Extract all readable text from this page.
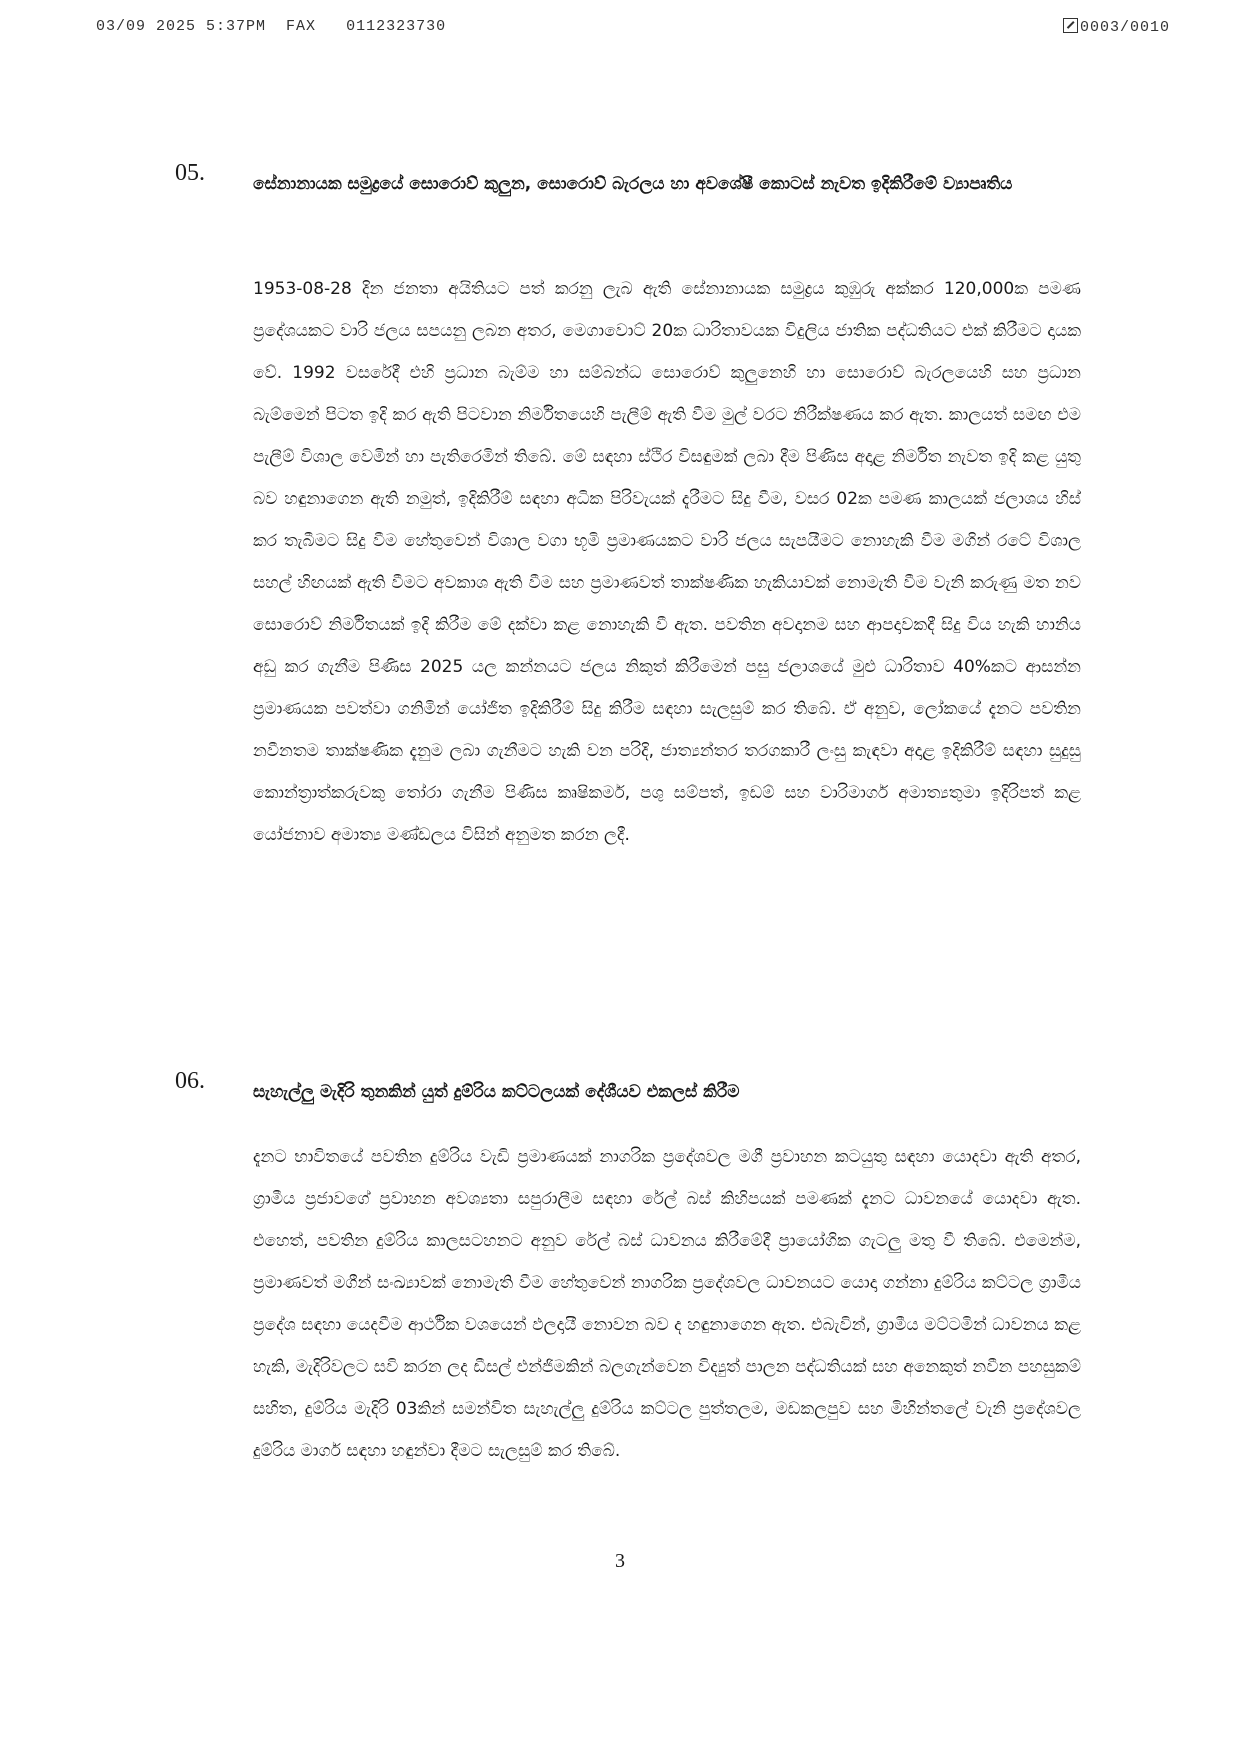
03/09 2025 5:37PM FAX 0112323730	0003/0010
05.	සේනානායක සමුද්‍රයේ සොරොව් කුලුන, සොරොව් බැරලය හා අවශේෂී කොටස් නැවත ඉදිකිරීමේ ව්‍යාපෘතිය
1953-08-28 දින ජනතා අයිතියට පත් කරනු ලැබ ඇති සේනානායක සමුද්‍රය කුඹුරු අක්කර 120,000ක පමණ ප්‍රදේශයකට වාරි ජලය සපයනු ලබන අතර, මෙගාවොට් 20ක ධාරිතාවයක විදුලිය ජාතික පද්ධතියට එක් කිරීමට දායක වේ. 1992 වසරේදී එහි ප්‍රධාන බැම්ම හා සම්බන්ධ සොරොව් කුලුනෙහි හා සොරොව් බැරලයෙහි සහ ප්‍රධාන බැම්මෙන් පිටත ඉදි කර ඇති පිටවාන නිර්මිතයෙහි පැලීම් ඇති වීම මුල් වරට නිරීක්ෂණය කර ඇත. කාලයත් සමඟ එම පැලීම් විශාල වෙමින් හා පැතිරෙමින් තිබේ. මේ සඳහා ස්ථිර විසඳුමක් ලබා දීම පිණිස අදාළ නිර්මිත නැවත ඉදි කළ යුතු බව හඳුනාගෙන ඇති නමුත්, ඉදිකිරීම් සඳහා අධික පිරිවැයක් දැරීමට සිදු වීම, වසර 02ක පමණ කාලයක් ජලාශය හිස් කර තැබීමට සිදු වීම හේතුවෙන් විශාල වගා භූමි ප්‍රමාණයකට වාරි ජලය සැපයීමට නොහැකි වීම මගින් රටේ විශාල සහල් හිඟයක් ඇති වීමට අවකාශ ඇති වීම සහ ප්‍රමාණවත් තාක්ෂණික හැකියාවක් නොමැති වීම වැනි කරුණු මත නව සොරොව් නිර්මිතයක් ඉදි කිරීම මේ දක්වා කළ නොහැකි වී ඇත. පවතින අවදානම සහ ආපදාවකදී සිදු විය හැකි හානිය අඩු කර ගැනීම පිණිස 2025 යල කන්නයට ජලය නිකුත් කිරීමෙන් පසු ජලාශයේ මුළු ධාරිතාව 40%කට ආසන්න ප්‍රමාණයක පවත්වා ගනිමින් යෝජිත ඉදිකිරීම් සිදු කිරීම සඳහා සැලසුම් කර තිබේ. ඒ අනුව, ලෝකයේ දැනට පවතින නවීනතම තාක්ෂණික දැනුම ලබා ගැනීමට හැකි වන පරිදි, ජාත්‍යන්තර තරගකාරී ලංසු කැඳවා අදාළ ඉදිකිරීම් සඳහා සුදුසු කොන්ත්‍රාත්කරුවකු තෝරා ගැනීම පිණිස කෘෂිකර්ම, පශු සම්පත්, ඉඩම් සහ වාරිමාර්ග අමාත්‍යතුමා ඉදිරිපත් කළ යෝජනාව අමාත්‍ය මණ්ඩලය විසින් අනුමත කරන ලදී.
06.	සැහැල්ලු මැදිරි තුනකින් යුත් දුම්රිය කට්ටලයක් දේශීයව එකලස් කිරීම
දැනට භාවිතයේ පවතින දුම්රිය වැඩි ප්‍රමාණයක් නාගරික ප්‍රදේශවල මගී ප්‍රවාහන කටයුතු සඳහා යොදවා ඇති අතර, ග්‍රාමීය ප්‍රජාවගේ ප්‍රවාහන අවශ්‍යතා සපුරාලීම සඳහා රේල් බස් කිහිපයක් පමණක් දැනට ධාවනයේ යොදවා ඇත. එහෙත්, පවතින දුම්රිය කාලසටහනට අනුව රේල් බස් ධාවනය කිරීමේදී ප්‍රායෝගික ගැටලු මතු වී තිබේ. එමෙන්ම, ප්‍රමාණවත් මගීන් සංඛ්‍යාවක් නොමැති වීම හේතුවෙන් නාගරික ප්‍රදේශවල ධාවනයට යොදා ගන්නා දුම්රිය කට්ටල ග්‍රාමීය ප්‍රදේශ සඳහා යෙදවීම ආර්ථික වශයෙන් ඵලදායී නොවන බව ද හඳුනාගෙන ඇත. එබැවින්, ග්‍රාමීය මට්ටමින් ධාවනය කළ හැකි, මැදිරිවලට සවි කරන ලද ඩීසල් එන්ජිමකින් බලගැන්වෙන විද්‍යුත් පාලන පද්ධතියක් සහ අනෙකුත් නවීන පහසුකම් සහිත, දුම්රිය මැදිරි 03කින් සමන්විත සැහැල්ලු දුම්රිය කට්ටල පුත්තලම, මඩකලපුව සහ මිහින්තලේ වැනි ප්‍රදේශවල දුම්රිය මාර්ග සඳහා හඳුන්වා දීමට සැලසුම් කර තිබේ.
3
